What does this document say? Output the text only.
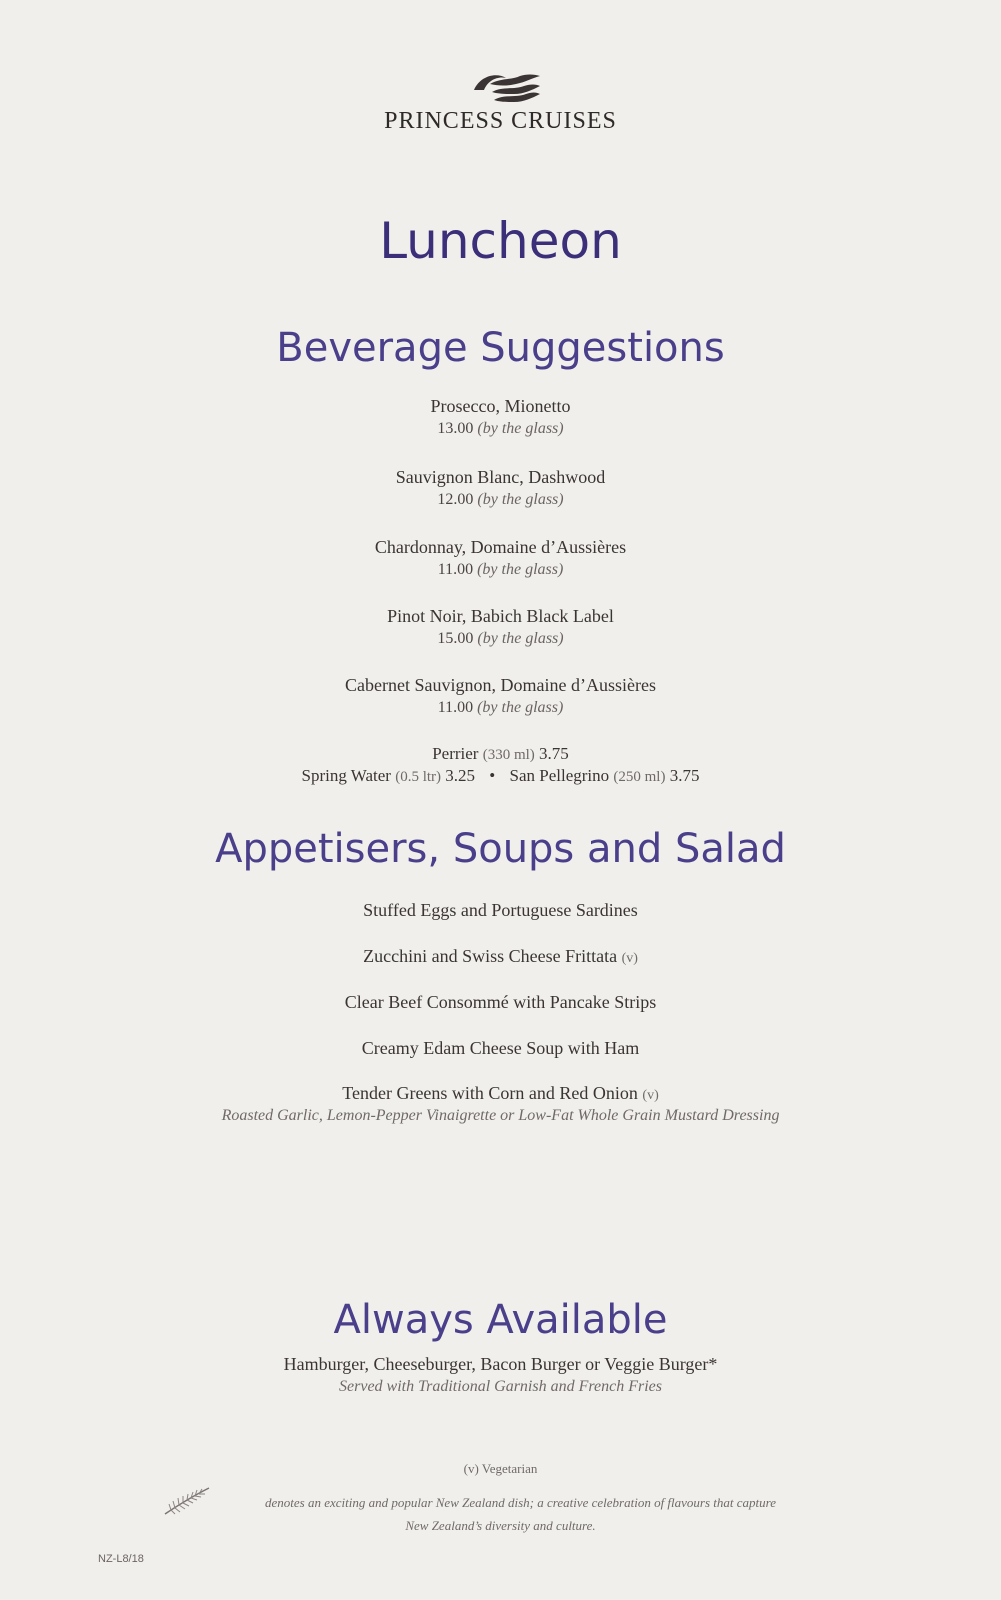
PRINCESS CRUISES
Luncheon
Beverage Suggestions
Prosecco, Mionetto
13.00 (by the glass)
Sauvignon Blanc, Dashwood
12.00 (by the glass)
Chardonnay, Domaine d’Aussières
11.00 (by the glass)
Pinot Noir, Babich Black Label
15.00 (by the glass)
Cabernet Sauvignon, Domaine d’Aussières
11.00 (by the glass)
Perrier (330 ml) 3.75
Spring Water (0.5 ltr) 3.25 • San Pellegrino (250 ml) 3.75
Appetisers, Soups and Salad
Stuffed Eggs and Portuguese Sardines
Zucchini and Swiss Cheese Frittata (v)
Clear Beef Consommé with Pancake Strips
Creamy Edam Cheese Soup with Ham
Tender Greens with Corn and Red Onion (v)
Roasted Garlic, Lemon-Pepper Vinaigrette or Low-Fat Whole Grain Mustard Dressing
Always Available
Hamburger, Cheeseburger, Bacon Burger or Veggie Burger*
Served with Traditional Garnish and French Fries
(v) Vegetarian
denotes an exciting and popular New Zealand dish; a creative celebration of flavours that capture
New Zealand’s diversity and culture.
NZ-L8/18
